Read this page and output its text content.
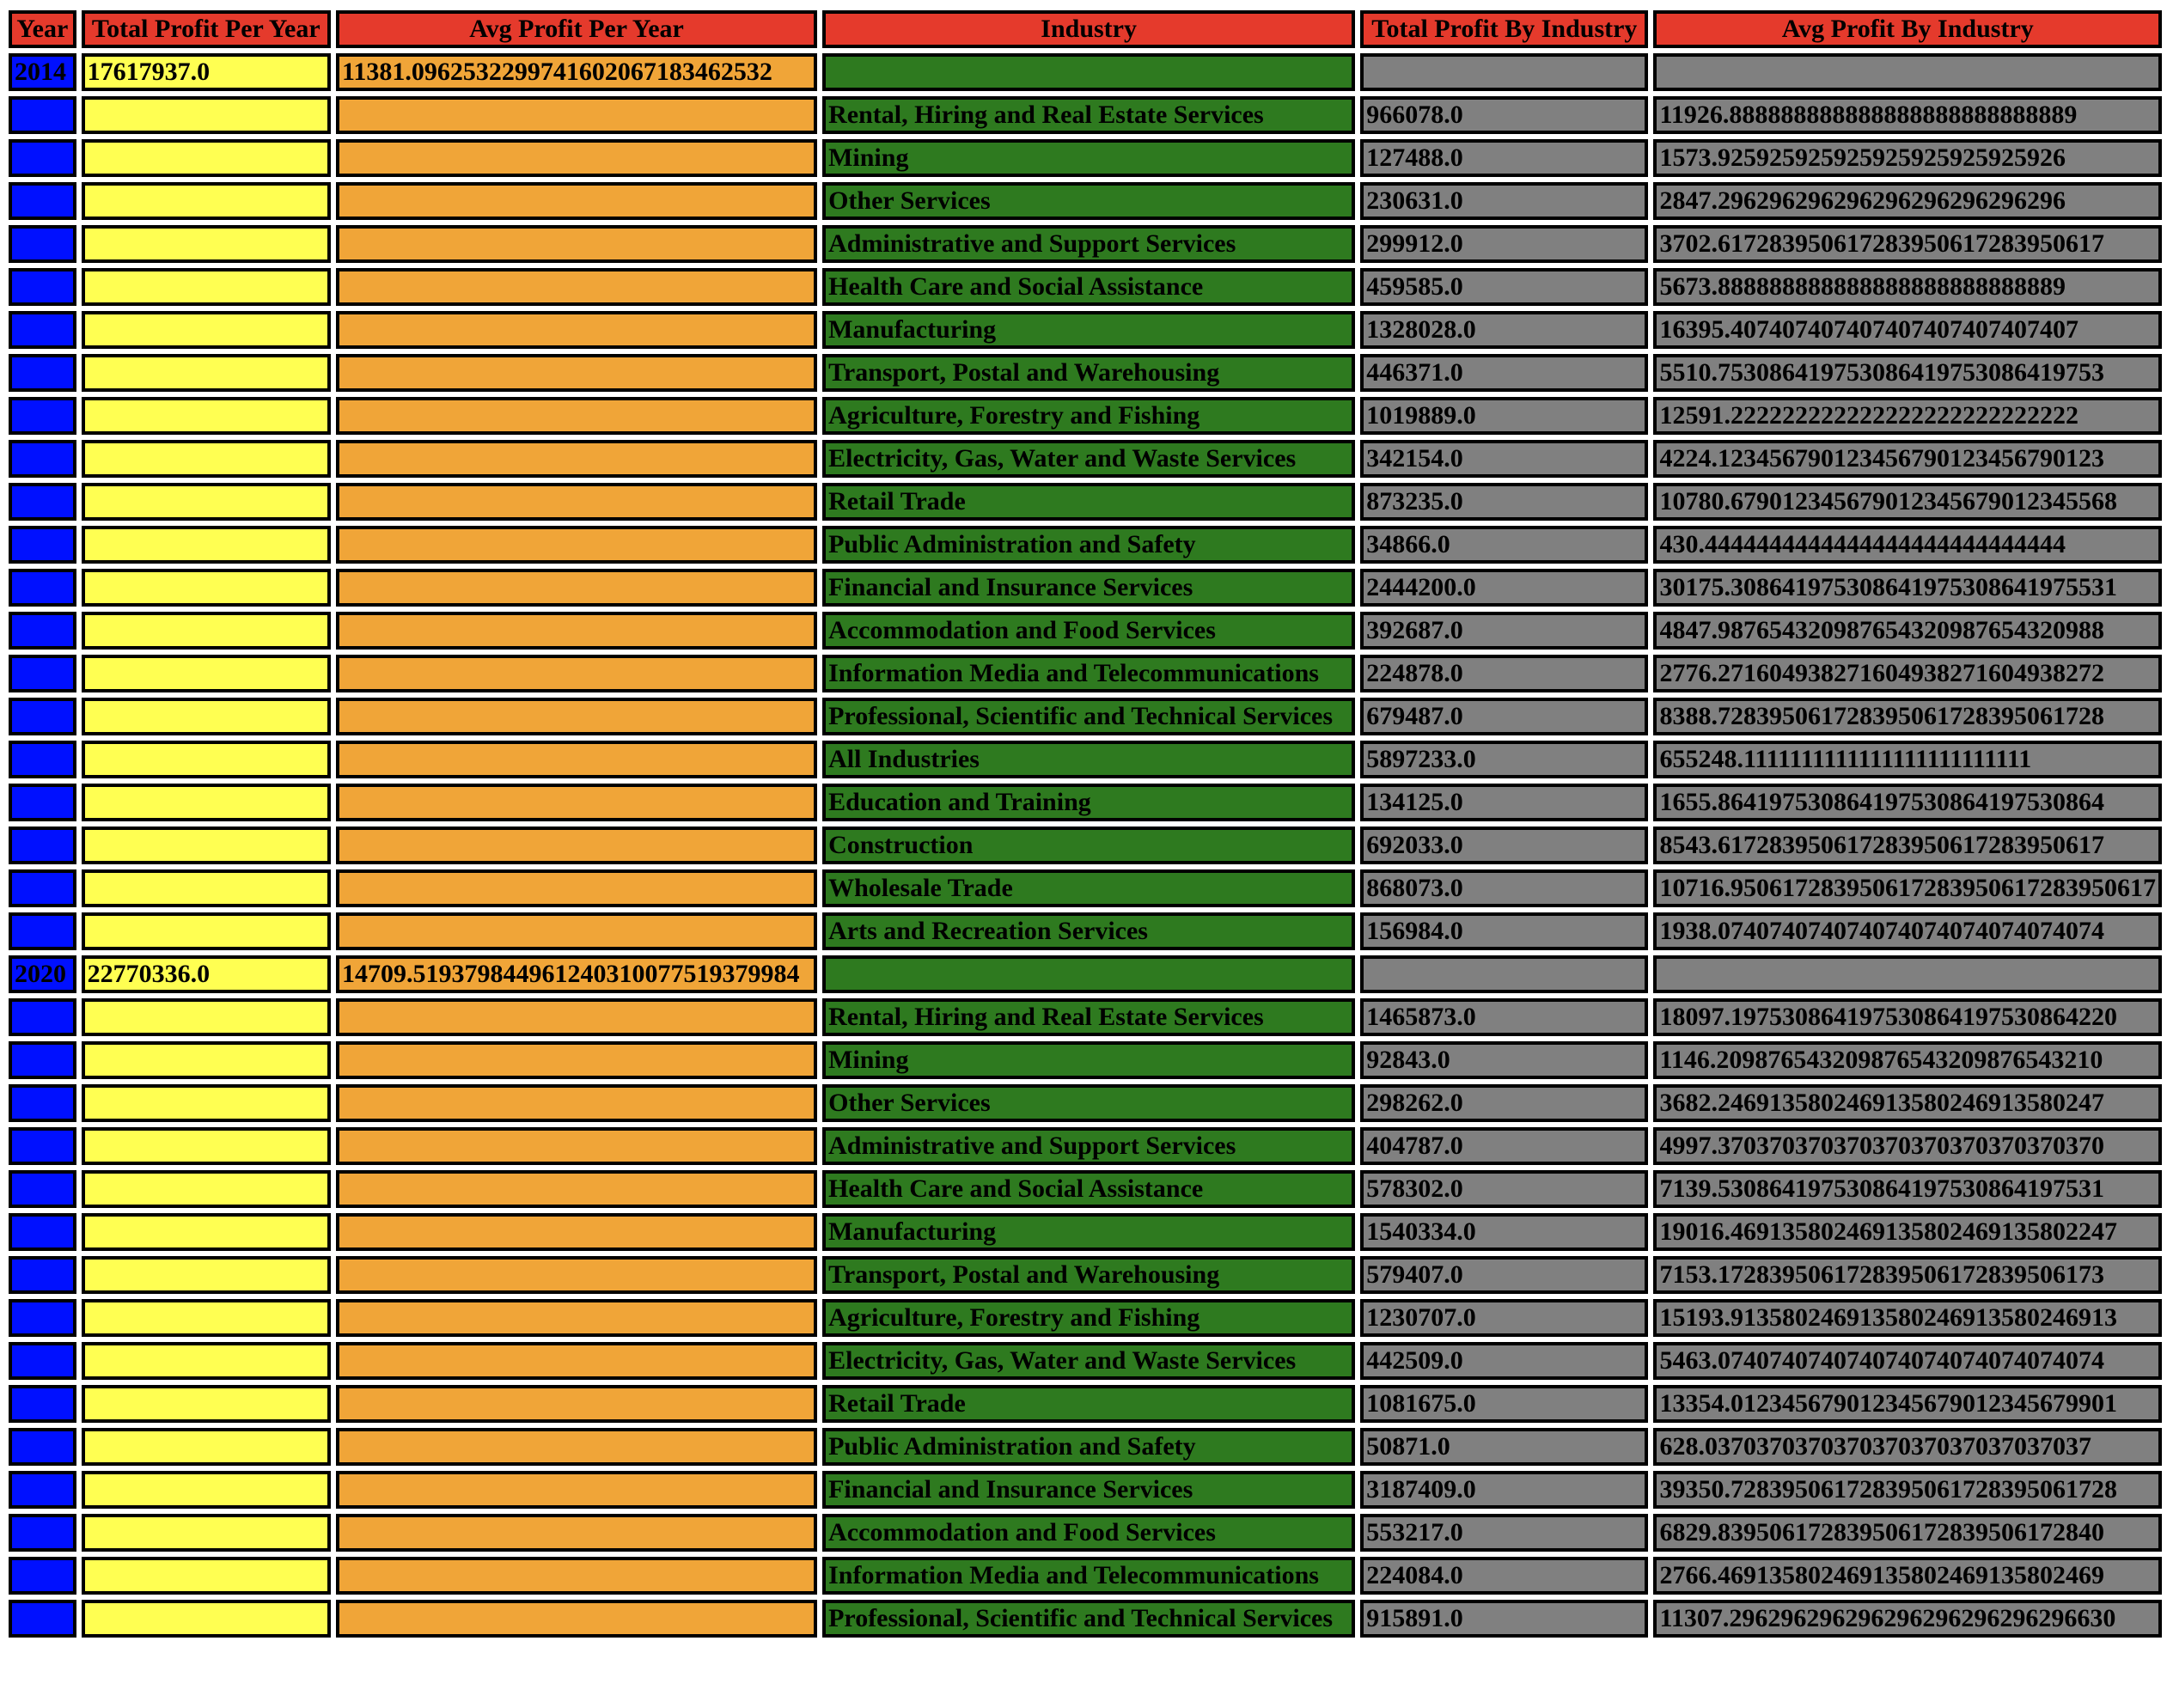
Year	Total Profit Per Year	Avg Profit Per Year	Industry	Total Profit By Industry	Avg Profit By Industry
2014	17617937.0	11381.0962532299741602067183462532			
			Rental, Hiring and Real Estate Services	966078.0	11926.888888888888888888888888889
			Mining	127488.0	1573.925925925925925925925925926
			Other Services	230631.0	2847.296296296296296296296296296
			Administrative and Support Services	299912.0	3702.617283950617283950617283950617
			Health Care and Social Assistance	459585.0	5673.888888888888888888888888889
			Manufacturing	1328028.0	16395.407407407407407407407407407
			Transport, Postal and Warehousing	446371.0	5510.753086419753086419753086419753
			Agriculture, Forestry and Fishing	1019889.0	12591.222222222222222222222222222
			Electricity, Gas, Water and Waste Services	342154.0	4224.123456790123456790123456790123
			Retail Trade	873235.0	10780.679012345679012345679012345568
			Public Administration and Safety	34866.0	430.4444444444444444444444444444
			Financial and Insurance Services	2444200.0	30175.308641975308641975308641975531
			Accommodation and Food Services	392687.0	4847.987654320987654320987654320988
			Information Media and Telecommunications	224878.0	2776.271604938271604938271604938272
			Professional, Scientific and Technical Services	679487.0	8388.728395061728395061728395061728
			All Industries	5897233.0	655248.1111111111111111111111111
			Education and Training	134125.0	1655.864197530864197530864197530864
			Construction	692033.0	8543.617283950617283950617283950617
			Wholesale Trade	868073.0	10716.950617283950617283950617283950617
			Arts and Recreation Services	156984.0	1938.074074074074074074074074074074
2020	22770336.0	14709.519379844961240310077519379984			
			Rental, Hiring and Real Estate Services	1465873.0	18097.197530864197530864197530864220
			Mining	92843.0	1146.209876543209876543209876543210
			Other Services	298262.0	3682.246913580246913580246913580247
			Administrative and Support Services	404787.0	4997.370370370370370370370370370370
			Health Care and Social Assistance	578302.0	7139.530864197530864197530864197531
			Manufacturing	1540334.0	19016.469135802469135802469135802247
			Transport, Postal and Warehousing	579407.0	7153.172839506172839506172839506173
			Agriculture, Forestry and Fishing	1230707.0	15193.913580246913580246913580246913
			Electricity, Gas, Water and Waste Services	442509.0	5463.074074074074074074074074074074
			Retail Trade	1081675.0	13354.012345679012345679012345679901
			Public Administration and Safety	50871.0	628.037037037037037037037037037037
			Financial and Insurance Services	3187409.0	39350.728395061728395061728395061728
			Accommodation and Food Services	553217.0	6829.839506172839506172839506172840
			Information Media and Telecommunications	224084.0	2766.469135802469135802469135802469
			Professional, Scientific and Technical Services	915891.0	11307.296296296296296296296296296630
